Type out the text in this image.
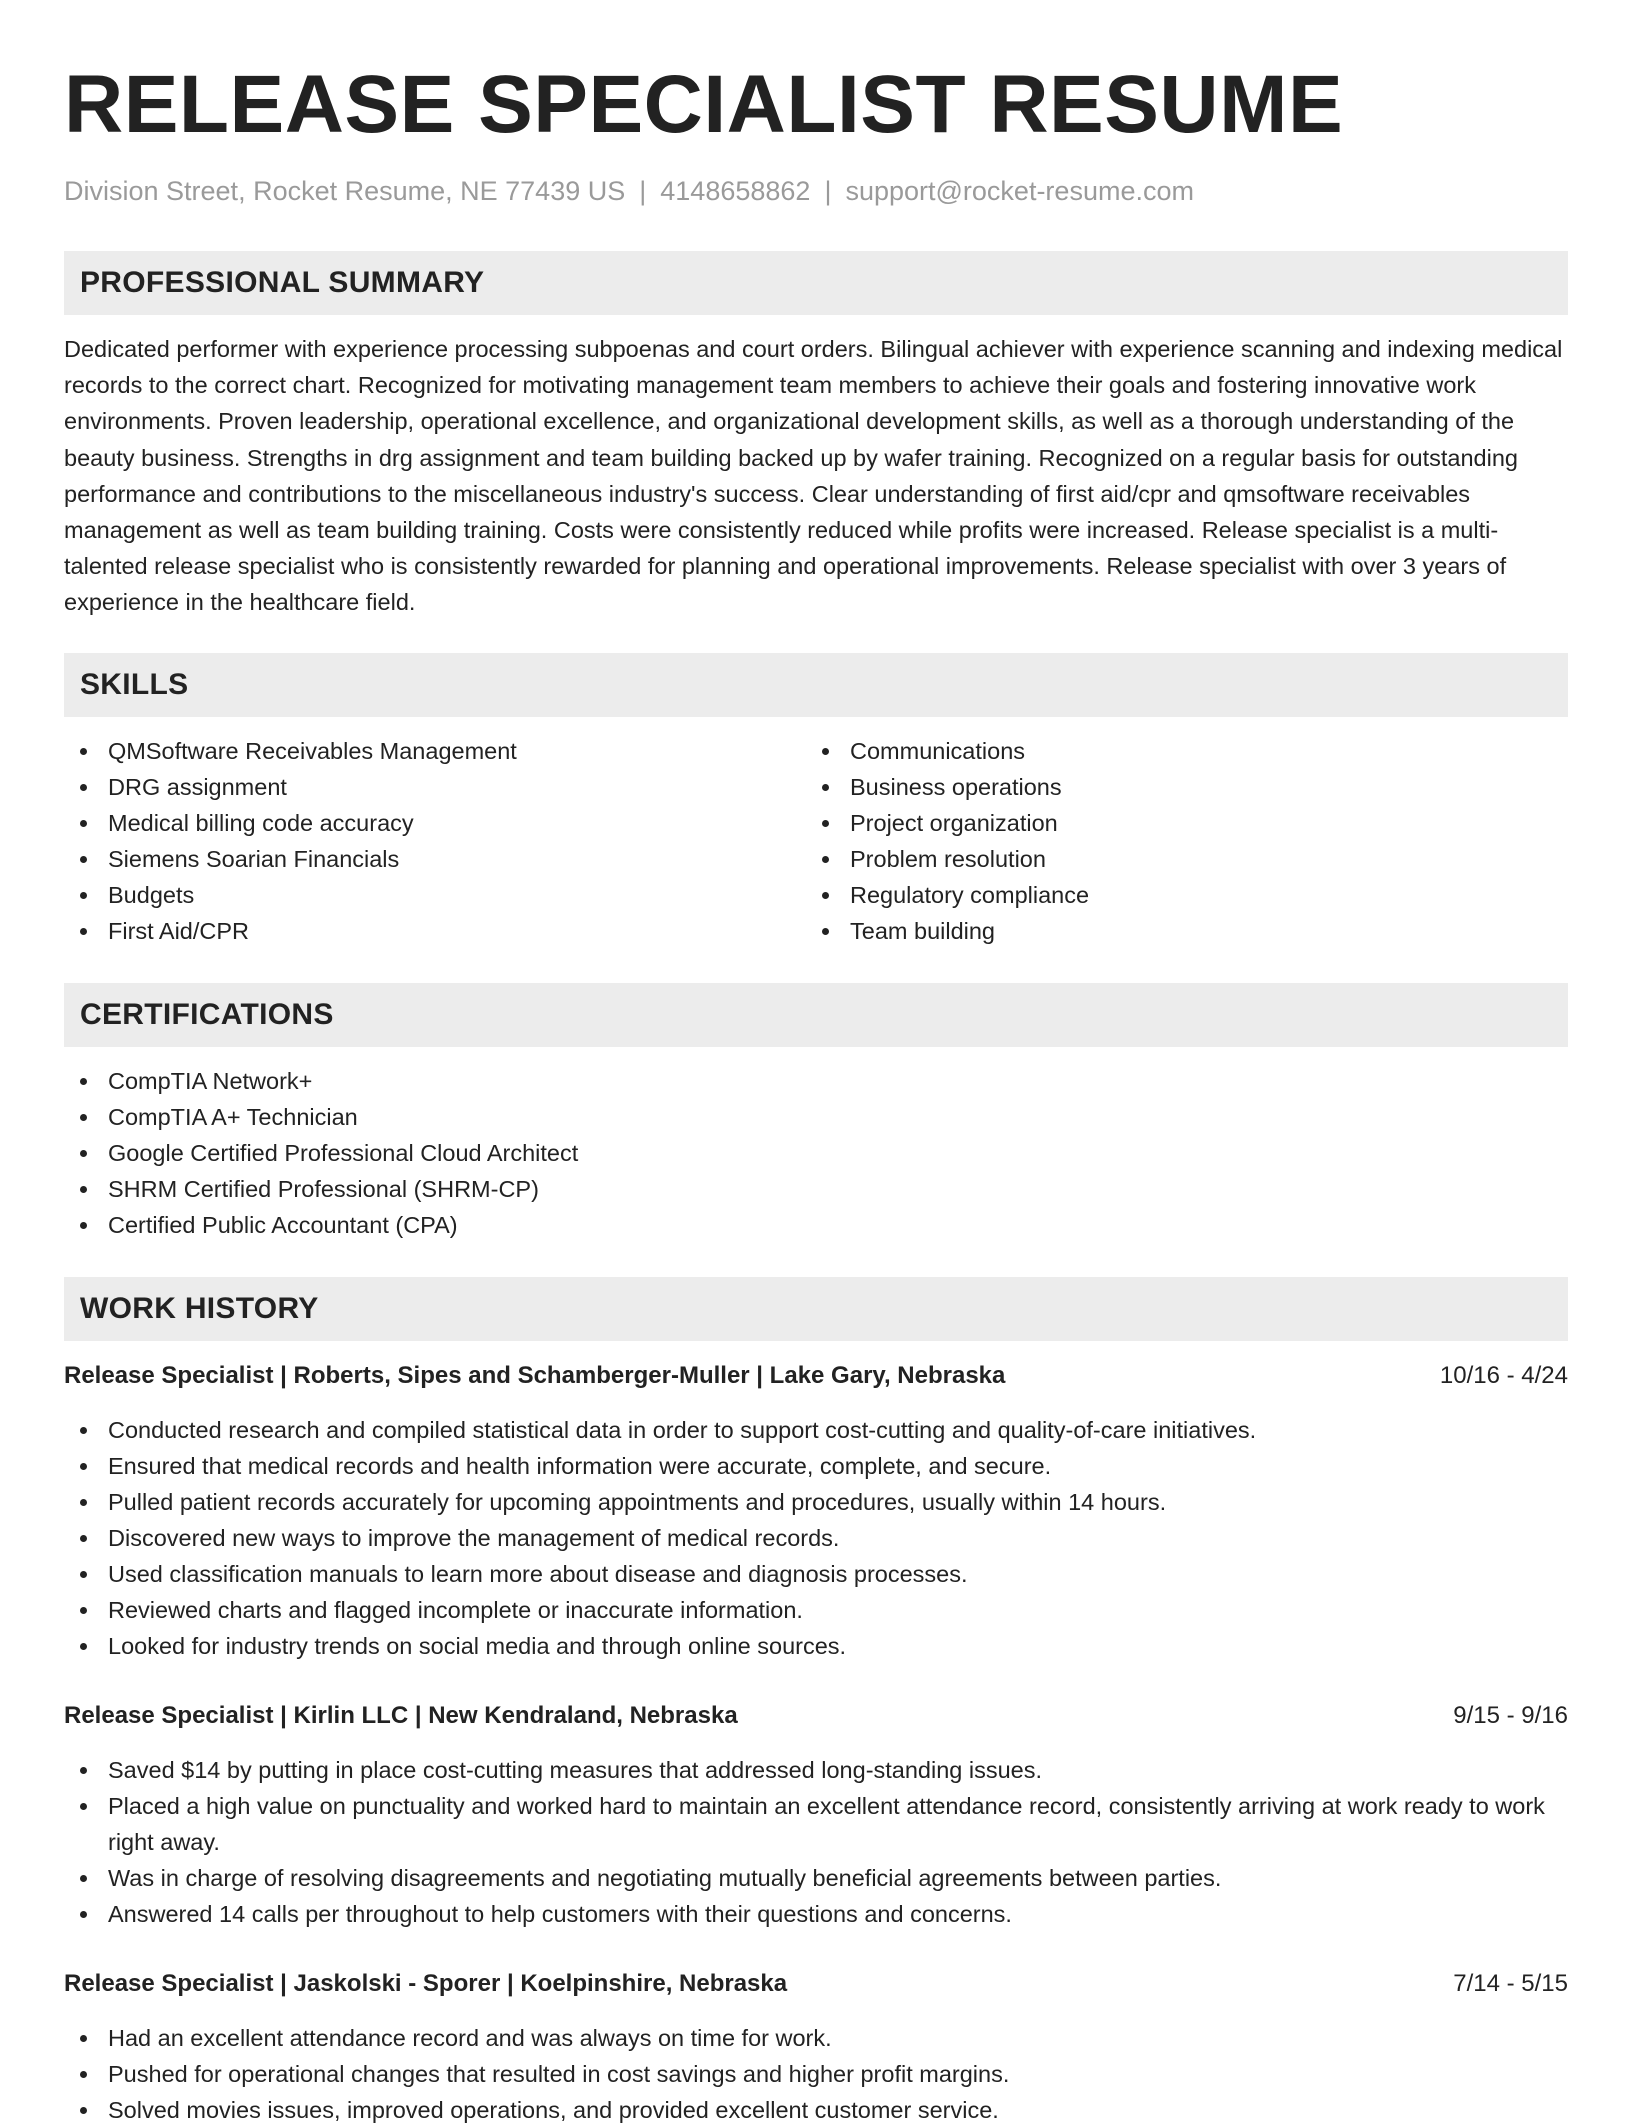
RELEASE SPECIALIST RESUME
Division Street, Rocket Resume, NE 77439 US | 4148658862 | support@rocket-resume.com
PROFESSIONAL SUMMARY

Dedicated performer with experience processing subpoenas and court orders. Bilingual achiever with experience scanning and indexing medical records to the correct chart. Recognized for motivating management team members to achieve their goals and fostering innovative work environments. Proven leadership, operational excellence, and organizational development skills, as well as a thorough understanding of the beauty business. Strengths in drg assignment and team building backed up by wafer training. Recognized on a regular basis for outstanding performance and contributions to the miscellaneous industry's success. Clear understanding of first aid/cpr and qmsoftware receivables management as well as team building training. Costs were consistently reduced while profits were increased. Release specialist is a multi-talented release specialist who is consistently rewarded for planning and operational improvements. Release specialist with over 3 years of experience in the healthcare field.

SKILLS
QMSoftware Receivables Management
DRG assignment
Medical billing code accuracy
Siemens Soarian Financials
Budgets
First Aid/CPR
Communications
Business operations
Project organization
Problem resolution
Regulatory compliance
Team building
CERTIFICATIONS
CompTIA Network+
CompTIA A+ Technician
Google Certified Professional Cloud Architect
SHRM Certified Professional (SHRM-CP)
Certified Public Accountant (CPA)
WORK HISTORY
Release Specialist | Roberts, Sipes and Schamberger-Muller | Lake Gary, Nebraska	10/16 - 4/24
Conducted research and compiled statistical data in order to support cost-cutting and quality-of-care initiatives.
Ensured that medical records and health information were accurate, complete, and secure.
Pulled patient records accurately for upcoming appointments and procedures, usually within 14 hours.
Discovered new ways to improve the management of medical records.
Used classification manuals to learn more about disease and diagnosis processes.
Reviewed charts and flagged incomplete or inaccurate information.
Looked for industry trends on social media and through online sources.
Release Specialist | Kirlin LLC | New Kendraland, Nebraska	9/15 - 9/16
Saved $14 by putting in place cost-cutting measures that addressed long-standing issues.
Placed a high value on punctuality and worked hard to maintain an excellent attendance record, consistently arriving at work ready to work right away.
Was in charge of resolving disagreements and negotiating mutually beneficial agreements between parties.
Answered 14 calls per throughout to help customers with their questions and concerns.
Release Specialist | Jaskolski - Sporer | Koelpinshire, Nebraska	7/14 - 5/15
Had an excellent attendance record and was always on time for work.
Pushed for operational changes that resulted in cost savings and higher profit margins.
Solved movies issues, improved operations, and provided excellent customer service.
